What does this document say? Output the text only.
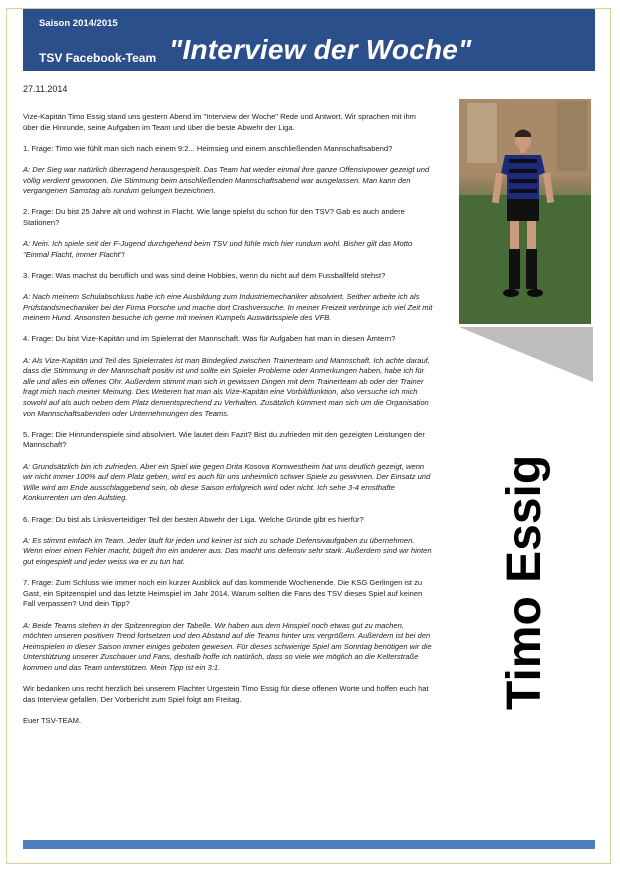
Saison 2014/2015
TSV Facebook-Team "Interview der Woche"
27.11.2014

Vize-Kapitän Timo Essig stand uns gestern Abend im "Interview der Woche" Rede und Antwort. Wir sprachen mit ihm über die Hinrunde, seine Aufgaben im Team und über die beste Abwehr der Liga.

1. Frage: Timo wie fühlt man sich nach einem 9:2... Heimsieg und einem anschließenden Mannschaftsabend?

A: Der Sieg war natürlich überragend herausgespielt. Das Team hat wieder einmal ihre ganze Offensivpower gezeigt und völlig verdient gewonnen. Die Stimmung beim anschließenden Mannschaftsabend war ausgelassen. Man kann den vergangenen Samstag als rundum gelungen bezeichnen.

2. Frage: Du bist 25 Jahre alt und wohnst in Flacht. Wie lange spielst du schon für den TSV? Gab es auch andere Stationen?

A: Nein. Ich spiele seit der F-Jugend durchgehend beim TSV und fühle mich hier rundum wohl. Bisher gilt das Motto "Einmal Flacht, immer Flacht"!

3. Frage: Was machst du beruflich und was sind deine Hobbies, wenn du nicht auf dem Fussballfeld stehst?

A: Nach meinem Schulabschluss habe ich eine Ausbildung zum Industriemechaniker absolviert. Seither arbeite ich als Prüfstandsmechaniker bei der Firma Porsche und mache dort Crashversuche. In meiner Freizeit verbringe ich viel Zeit mit meinem Hund. Ansonsten besuche ich gerne mit meinen Kumpels Auswärtsspiele des VFB.

4. Frage: Du bist Vize-Kapitän und im Spielerrat der Mannschaft. Was für Aufgaben hat man in diesen Ämtern?

A: Als Vize-Kapitän und Teil des Spielerrates ist man Bindeglied zwischen Trainerteam und Mannschaft. Ich achte darauf, dass die Stimmung in der Mannschaft positiv ist und sollte ein Spieler Probleme oder Anmerkungen haben, habe ich für alle und alles ein offenes Ohr. Außerdem stimmt man sich in gewissen Dingen mit dem Trainerteam ab oder der Trainer fragt mich nach meiner Meinung. Des Weiteren hat man als Vize-Kapitän eine Vorbildfunktion, also versuche ich mich sowohl auf als auch neben dem Platz dementsprechend zu Verhalten. Zusätzlich kümmert man sich um die Organisation von Mannschaftsabenden oder Unternehmungen des Teams.

5. Frage: Die Hinrundenspiele sind absolviert. Wie lautet dein Fazit? Bist du zufrieden mit den gezeigten Leistungen der Mannschaft?

A: Grundsätzlich bin ich zufrieden. Aber ein Spiel wie gegen Drita Kosova Kornwestheim hat uns deutlich gezeigt, wenn wir nicht immer 100% auf dem Platz geben, wird es auch für uns unheimlich schwer Spiele zu gewinnen. Der Einsatz und Wille wird am Ende ausschlaggebend sein, ob diese Saison erfolgreich wird oder nicht. Ich sehe 3-4 ernsthafte Konkurrenten um den Aufstieg.

6. Frage: Du bist als Linksverteidiger Teil der besten Abwehr der Liga. Welche Gründe gibt es hierfür?

A: Es stimmt einfach im Team. Jeder läuft für jeden und keiner ist sich zu schade Defensivaufgaben zu übernehmen. Wenn einer einen Fehler macht, bügelt ihn ein anderer aus. Das macht uns defensiv sehr stark. Außerdem sind wir hinten gut eingespielt und jeder weiss wa er zu tun hat.

7. Frage: Zum Schluss wie immer noch ein kurzer Ausblick auf das kommende Wochenende. Die KSG Gerlingen ist zu Gast, ein Spitzenspiel und das letzte Heimspiel im Jahr 2014. Warum sollten die Fans des TSV dieses Spiel auf keinen Fall verpassen? Und dein Tipp?

A: Beide Teams stehen in der Spitzenregion der Tabelle. Wir haben aus dem Hinspiel noch etwas gut zu machen, möchten unseren positiven Trend fortsetzen und den Abstand auf die Teams hinter uns vergrößern. Außerdem ist bei den Heimspielen in dieser Saison immer einiges geboten gewesen. Für dieses schwierige Spiel am Sonntag benötigen wir die Unterstützung unserer Zuschauer und Fans, deshalb hoffe ich natürlich, dass so viele wie möglich an die Kelterstraße kommen und das Team unterstützen. Mein Tipp ist ein 3:1.

Wir bedanken uns recht herzlich bei unserem Flachter Urgestein Timo Essig für diese offenen Worte und hoffen euch hat das Interview gefallen. Der Vorbericht zum Spiel folgt am Freitag.

Euer TSV-TEAM.

Timo Essig
